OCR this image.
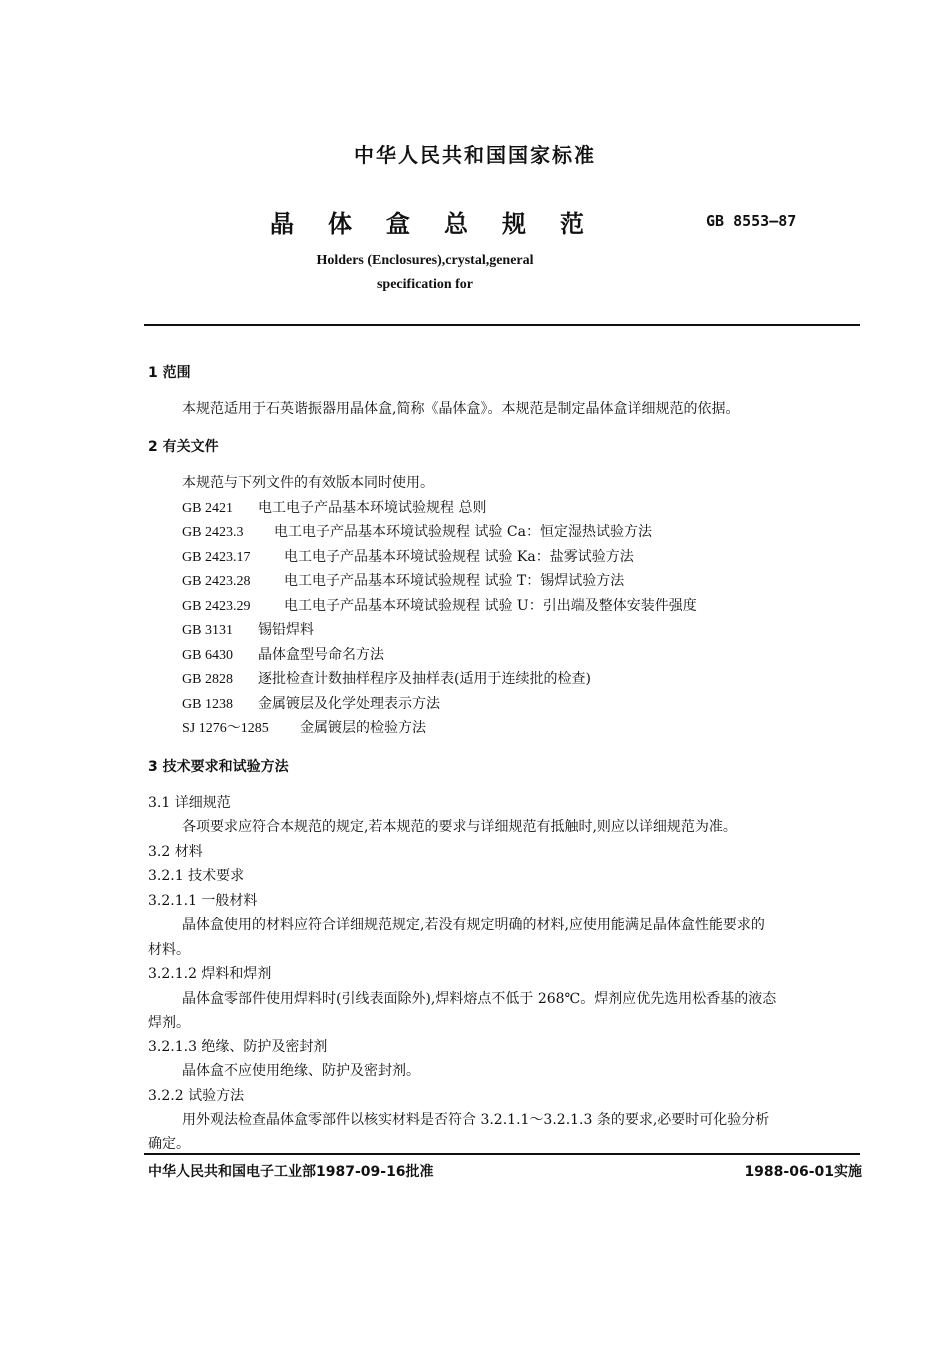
中华人民共和国国家标准
晶体盒总规范	GB 8553—87
Holders (Enclosures),crystal,general
specification for
1 范围
本规范适用于石英谐振器用晶体盒,简称《晶体盒》。本规范是制定晶体盒详细规范的依据。
2 有关文件
本规范与下列文件的有效版本同时使用。
GB 2421 电工电子产品基本环境试验规程 总则
GB 2423.3 电工电子产品基本环境试验规程 试验 Ca：恒定湿热试验方法
GB 2423.17 电工电子产品基本环境试验规程 试验 Ka：盐雾试验方法
GB 2423.28 电工电子产品基本环境试验规程 试验 T：锡焊试验方法
GB 2423.29 电工电子产品基本环境试验规程 试验 U：引出端及整体安装件强度
GB 3131 锡铅焊料
GB 6430 晶体盒型号命名方法
GB 2828 逐批检查计数抽样程序及抽样表(适用于连续批的检查)
GB 1238 金属镀层及化学处理表示方法
SJ 1276～1285 金属镀层的检验方法
3 技术要求和试验方法
3.1 详细规范
各项要求应符合本规范的规定,若本规范的要求与详细规范有抵触时,则应以详细规范为准。
3.2 材料
3.2.1 技术要求
3.2.1.1 一般材料
晶体盒使用的材料应符合详细规范规定,若没有规定明确的材料,应使用能满足晶体盒性能要求的
材料。
3.2.1.2 焊料和焊剂
晶体盒零部件使用焊料时(引线表面除外),焊料熔点不低于 268℃。焊剂应优先选用松香基的液态
焊剂。
3.2.1.3 绝缘、防护及密封剂
晶体盒不应使用绝缘、防护及密封剂。
3.2.2 试验方法
用外观法检查晶体盒零部件以核实材料是否符合 3.2.1.1～3.2.1.3 条的要求,必要时可化验分析
确定。
中华人民共和国电子工业部1987-09-16批准	1988-06-01实施
